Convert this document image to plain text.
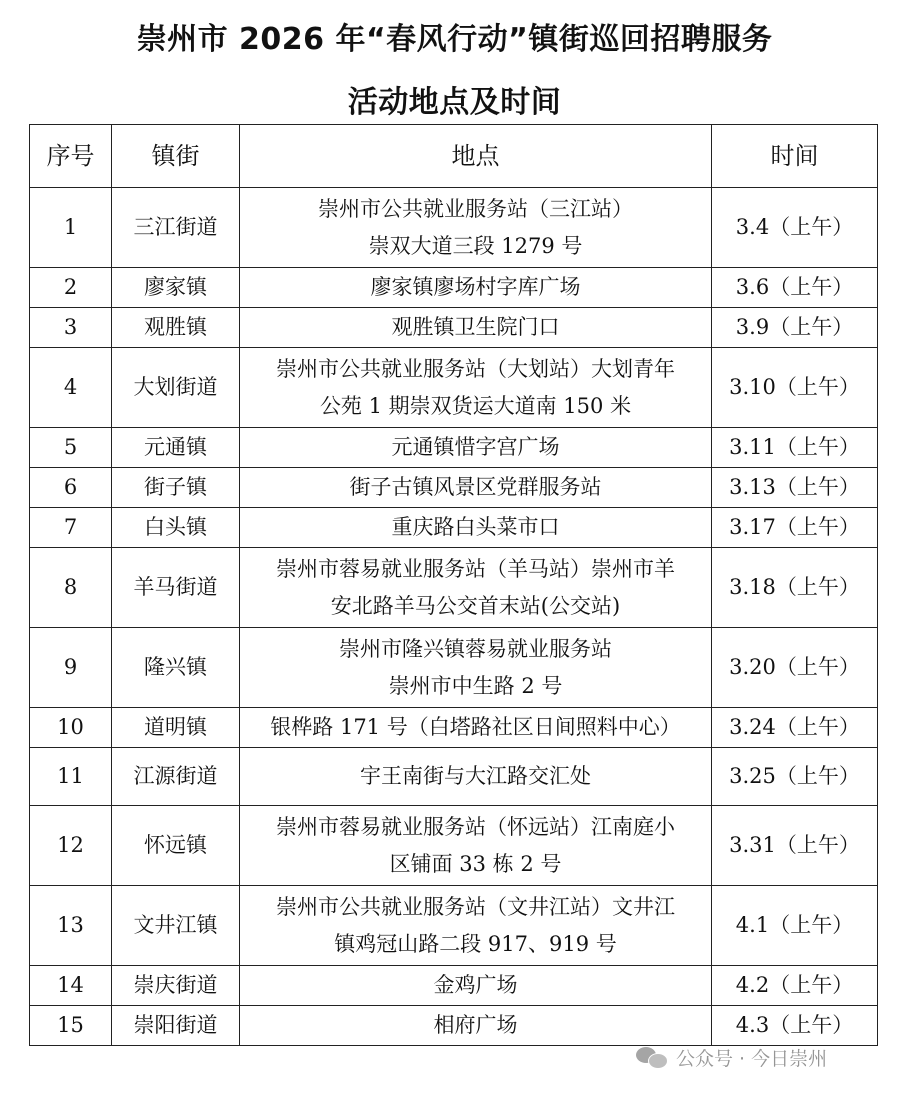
崇州市 2026 年“春风行动”镇街巡回招聘服务
活动地点及时间
序号	镇街	地点	时间
1	三江街道	崇州市公共就业服务站（三江站）
崇双大道三段 1279 号	3.4（上午）
2	廖家镇	廖家镇廖场村字库广场	3.6（上午）
3	观胜镇	观胜镇卫生院门口	3.9（上午）
4	大划街道	崇州市公共就业服务站（大划站）大划青年
公苑 1 期崇双货运大道南 150 米	3.10（上午）
5	元通镇	元通镇惜字宫广场	3.11（上午）
6	街子镇	街子古镇风景区党群服务站	3.13（上午）
7	白头镇	重庆路白头菜市口	3.17（上午）
8	羊马街道	崇州市蓉易就业服务站（羊马站）崇州市羊
安北路羊马公交首末站(公交站)	3.18（上午）
9	隆兴镇	崇州市隆兴镇蓉易就业服务站
崇州市中生路 2 号	3.20（上午）
10	道明镇	银桦路 171 号（白塔路社区日间照料中心）	3.24（上午）
11	江源街道	宇王南街与大江路交汇处	3.25（上午）
12	怀远镇	崇州市蓉易就业服务站（怀远站）江南庭小
区铺面 33 栋 2 号	3.31（上午）
13	文井江镇	崇州市公共就业服务站（文井江站）文井江
镇鸡冠山路二段 917、919 号	4.1（上午）
14	崇庆街道	金鸡广场	4.2（上午）
15	崇阳街道	相府广场	4.3（上午）
公众号 · 今日崇州
